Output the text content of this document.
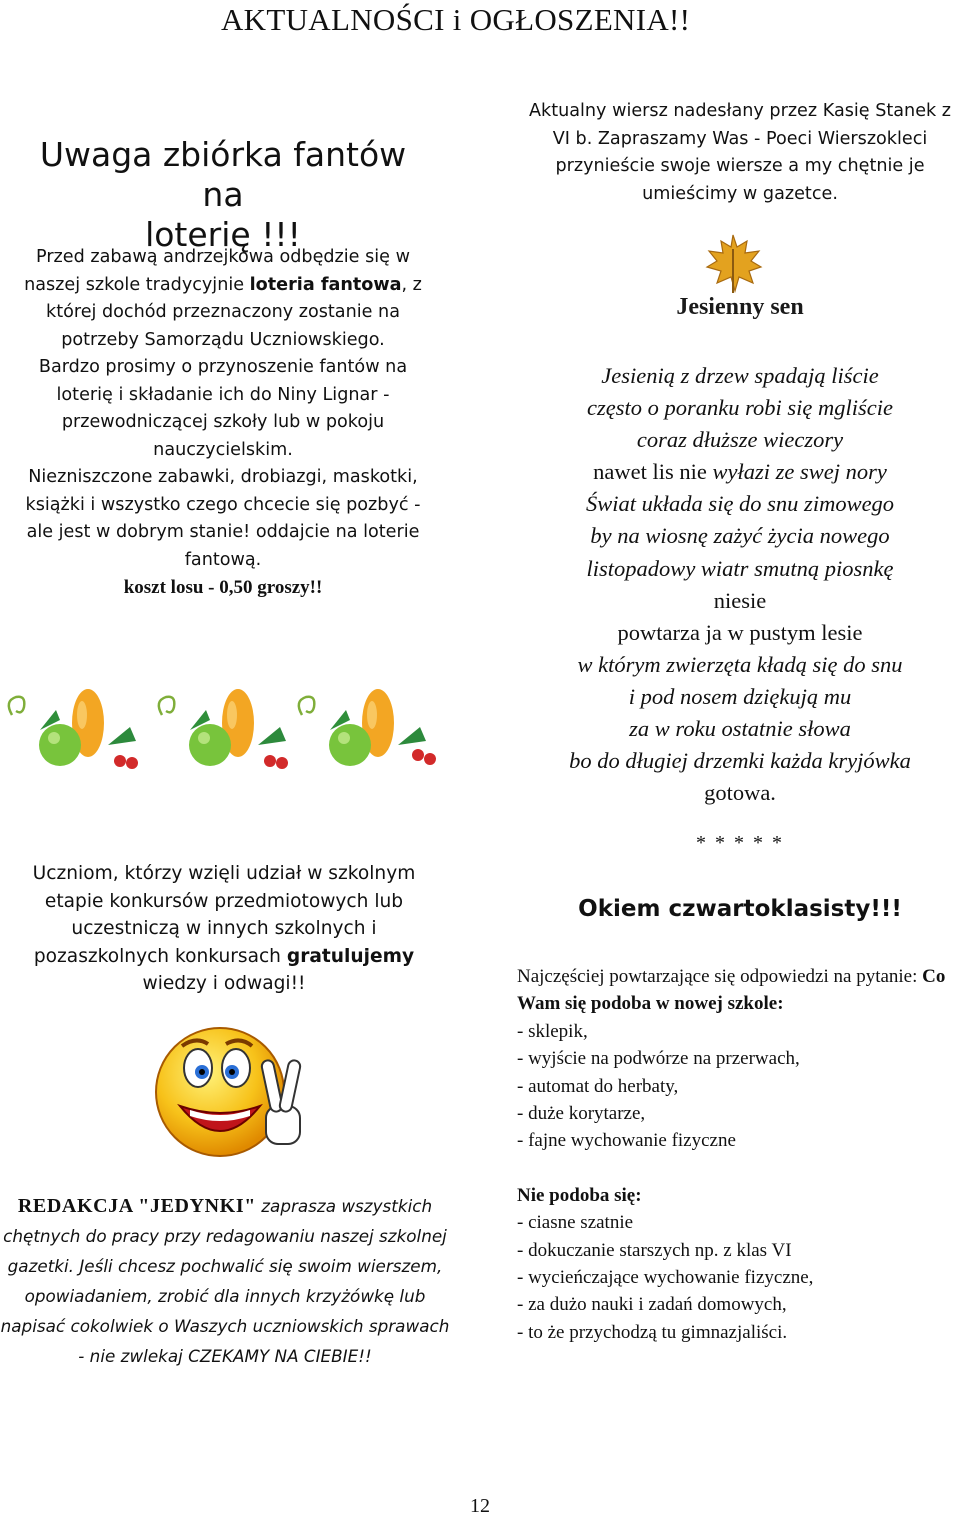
AKTUALNOŚCI i OGŁOSZENIA!!
Uwaga zbiórka fantów na
loterię !!!
Przed zabawą andrzejkowa odbędzie się w naszej szkole tradycyjnie loteria fantowa, z której dochód przeznaczony zostanie na potrzeby Samorządu Uczniowskiego.
Bardzo prosimy o przynoszenie fantów na loterię i składanie ich do Niny Lignar - przewodniczącej szkoły lub w pokoju nauczycielskim.
Niezniszczone zabawki, drobiazgi, maskotki, książki i wszystko czego chcecie się pozbyć - ale jest w dobrym stanie! oddajcie na loterie fantową.
koszt losu - 0,50 groszy!!
Uczniom, którzy wzięli udział w szkolnym etapie konkursów przedmiotowych lub uczestniczą w innych szkolnych i pozaszkolnych konkursach gratulujemy wiedzy i odwagi!!
REDAKCJA "JEDYNKI" zaprasza wszystkich chętnych do pracy przy redagowaniu naszej szkolnej gazetki. Jeśli chcesz pochwalić się swoim wierszem, opowiadaniem, zrobić dla innych krzyżówkę lub napisać cokolwiek o Waszych uczniowskich sprawach - nie zwlekaj CZEKAMY NA CIEBIE!!
12
Aktualny wiersz nadesłany przez Kasię Stanek z VI b. Zapraszamy Was - Poeci Wierszokleci przynieście swoje wiersze a my chętnie je umieścimy w gazetce.
Jesienny sen
Jesienią z drzew spadają liście
często o poranku robi się mgliście
coraz dłuższe wieczory
nawet lis nie wyłazi ze swej nory
Świat układa się do snu zimowego
by na wiosnę zażyć życia nowego
listopadowy wiatr smutną piosnkę
niesie
powtarza ja w pustym lesie
w którym zwierzęta kładą się do snu
i pod nosem dziękują mu
za w roku ostatnie słowa
bo do długiej drzemki każda kryjówka
gotowa.
* * * * *
Okiem czwartoklasisty!!!
Najczęściej powtarzające się odpowiedzi na pytanie: Co Wam się podoba w nowej szkole:
- sklepik,
- wyjście na podwórze na przerwach,
- automat do herbaty,
- duże korytarze,
- fajne wychowanie fizyczne
Nie podoba się:
- ciasne szatnie
- dokuczanie starszych np. z klas VI
- wycieńczające wychowanie fizyczne,
- za dużo nauki i zadań domowych,
- to że przychodzą tu gimnazjaliści.
